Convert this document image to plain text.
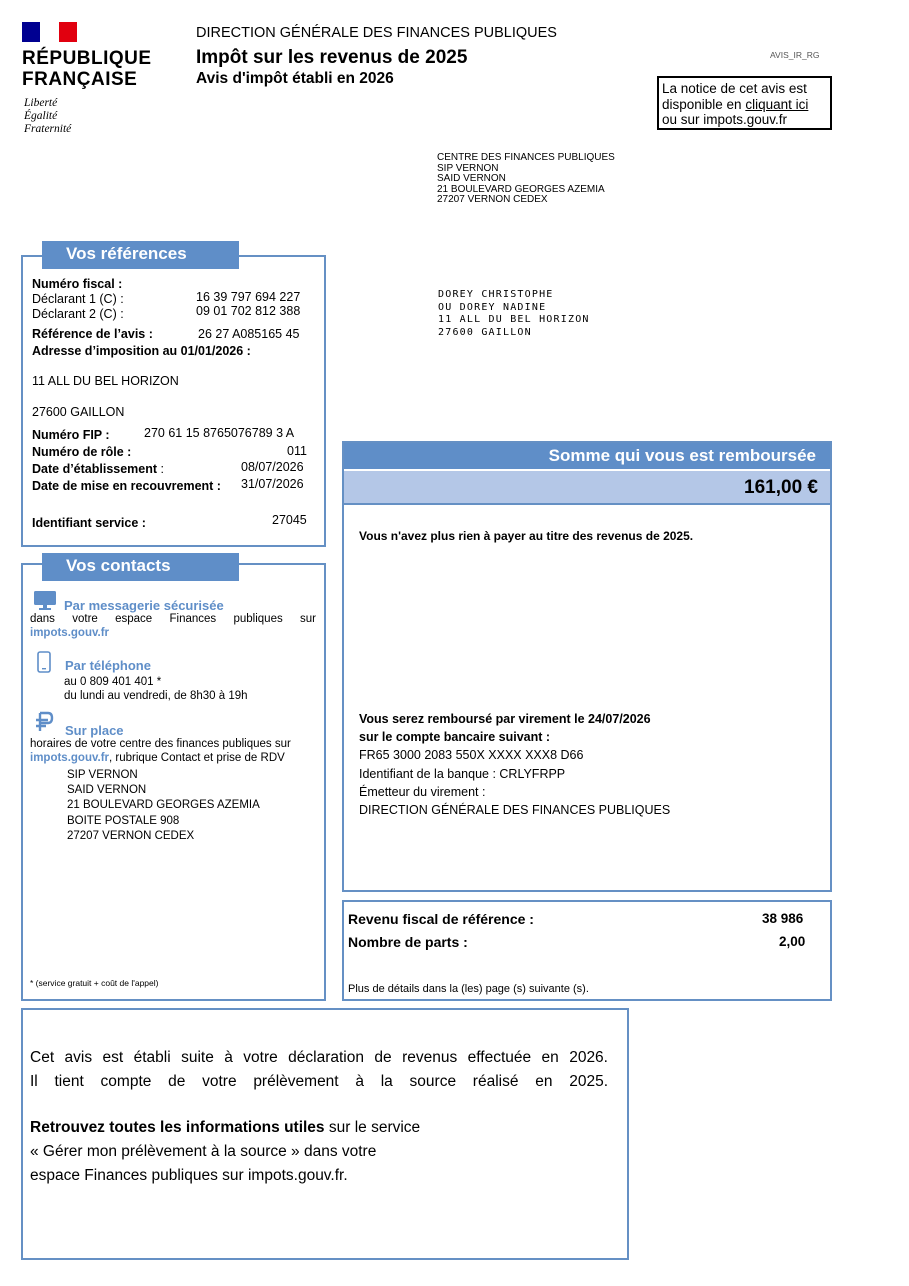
RÉPUBLIQUE
FRANÇAISE
Liberté
Égalité
Fraternité
DIRECTION GÉNÉRALE DES FINANCES PUBLIQUES
Impôt sur les revenus de 2025
Avis d'impôt établi en 2026
AVIS_IR_RG
La notice de cet avis est
disponible en cliquant ici
ou sur impots.gouv.fr
CENTRE DES FINANCES PUBLIQUES
SIP VERNON
SAID VERNON
21 BOULEVARD GEORGES AZEMIA
27207 VERNON CEDEX
DOREY CHRISTOPHE
OU DOREY NADINE
11 ALL DU BEL HORIZON
27600 GAILLON
Vos références
Numéro fiscal :
Déclarant 1 (C) :	16 39 797 694 227
Déclarant 2 (C) :	09 01 702 812 388
Référence de l’avis :	26 27 A085165 45
Adresse d’imposition au 01/01/2026 :
11 ALL DU BEL HORIZON
27600 GAILLON
Numéro FIP :	270 61 15 8765076789 3 A
Numéro de rôle :	011
Date d’établissement :	08/07/2026
Date de mise en recouvrement : 31/07/2026
Identifiant service :	27045
Vos contacts
Par messagerie sécurisée
dans votre espace Finances publiques sur
impots.gouv.fr
Par téléphone
au 0 809 401 401 *
du lundi au vendredi, de 8h30 à 19h
Sur place
horaires de votre centre des finances publiques sur
impots.gouv.fr, rubrique Contact et prise de RDV
SIP VERNON
SAID VERNON
21 BOULEVARD GEORGES AZEMIA
BOITE POSTALE 908
27207 VERNON CEDEX
* (service gratuit + coût de l'appel)
Somme qui vous est remboursée
161,00 €
Vous n'avez plus rien à payer au titre des revenus de 2025.
Vous serez remboursé par virement le 24/07/2026
sur le compte bancaire suivant :
FR65 3000 2083 550X XXXX XXX8 D66
Identifiant de la banque : CRLYFRPP
Émetteur du virement :
DIRECTION GÉNÉRALE DES FINANCES PUBLIQUES
Revenu fiscal de référence :	38 986
Nombre de parts :	2,00
Plus de détails dans la (les) page (s) suivante (s).
Cet avis est établi suite à votre déclaration de revenus effectuée en 2026.
Il tient compte de votre prélèvement à la source réalisé en 2025.
Retrouvez toutes les informations utiles sur le service
« Gérer mon prélèvement à la source » dans votre
espace Finances publiques sur impots.gouv.fr.
